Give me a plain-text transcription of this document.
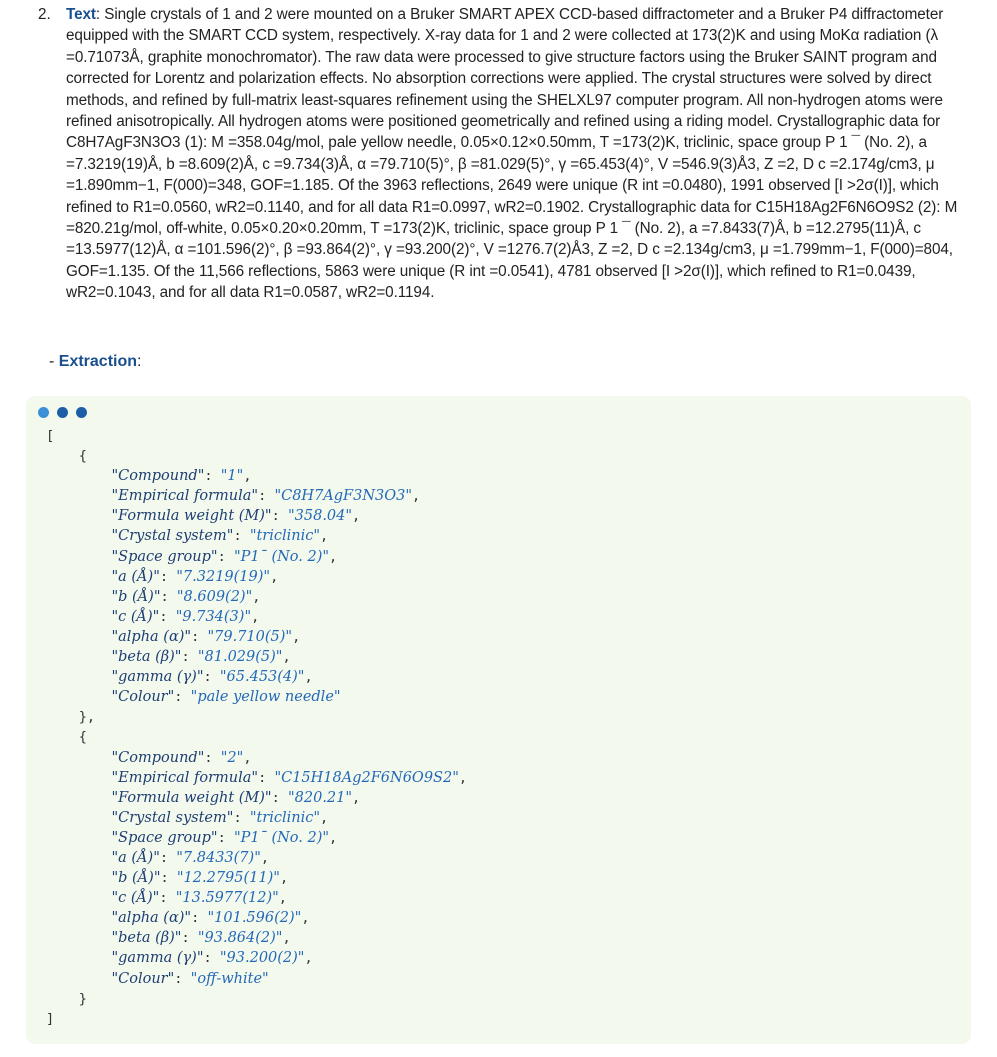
2. Text: Single crystals of 1 and 2 were mounted on a Bruker SMART APEX CCD-based diffractometer and a Bruker P4 diffractometer equipped with the SMART CCD system, respectively. X-ray data for 1 and 2 were collected at 173(2)K and using MoKα radiation (λ =0.71073Å, graphite monochromator). The raw data were processed to give structure factors using the Bruker SAINT program and corrected for Lorentz and polarization effects. No absorption corrections were applied. The crystal structures were solved by direct methods, and refined by full-matrix least-squares refinement using the SHELXL97 computer program. All non-hydrogen atoms were refined anisotropically. All hydrogen atoms were positioned geometrically and refined using a riding model. Crystallographic data for C8H7AgF3N3O3 (1): M =358.04g/mol, pale yellow needle, 0.05×0.12×0.50mm, T =173(2)K, triclinic, space group P 1 ¯ (No. 2), a =7.3219(19)Å, b =8.609(2)Å, c =9.734(3)Å, α =79.710(5)°, β =81.029(5)°, γ =65.453(4)°, V =546.9(3)Å3, Z =2, D c =2.174g/cm3, μ =1.890mm−1, F(000)=348, GOF=1.185. Of the 3963 reflections, 2649 were unique (R int =0.0480), 1991 observed [I >2σ(I)], which refined to R1=0.0560, wR2=0.1140, and for all data R1=0.0997, wR2=0.1902. Crystallographic data for C15H18Ag2F6N6O9S2 (2): M =820.21g/mol, off-white, 0.05×0.20×0.20mm, T =173(2)K, triclinic, space group P 1 ¯ (No. 2), a =7.8433(7)Å, b =12.2795(11)Å, c =13.5977(12)Å, α =101.596(2)°, β =93.864(2)°, γ =93.200(2)°, V =1276.7(2)Å3, Z =2, D c =2.134g/cm3, μ =1.799mm−1, F(000)=804, GOF=1.135. Of the 11,566 reflections, 5863 were unique (R int =0.0541), 4781 observed [I >2σ(I)], which refined to R1=0.0439, wR2=0.1043, and for all data R1=0.0587, wR2=0.1194.
- Extraction:
[
{
"Compound": "1",
"Empirical formula": "C8H7AgF3N3O3",
"Formula weight (M)": "358.04",
"Crystal system": "triclinic",
"Space group": "P1¯ (No. 2)",
"a (Å)": "7.3219(19)",
"b (Å)": "8.609(2)",
"c (Å)": "9.734(3)",
"alpha (α)": "79.710(5)",
"beta (β)": "81.029(5)",
"gamma (γ)": "65.453(4)",
"Colour": "pale yellow needle"
},
{
"Compound": "2",
"Empirical formula": "C15H18Ag2F6N6O9S2",
"Formula weight (M)": "820.21",
"Crystal system": "triclinic",
"Space group": "P1¯ (No. 2)",
"a (Å)": "7.8433(7)",
"b (Å)": "12.2795(11)",
"c (Å)": "13.5977(12)",
"alpha (α)": "101.596(2)",
"beta (β)": "93.864(2)",
"gamma (γ)": "93.200(2)",
"Colour": "off-white"
}
]
